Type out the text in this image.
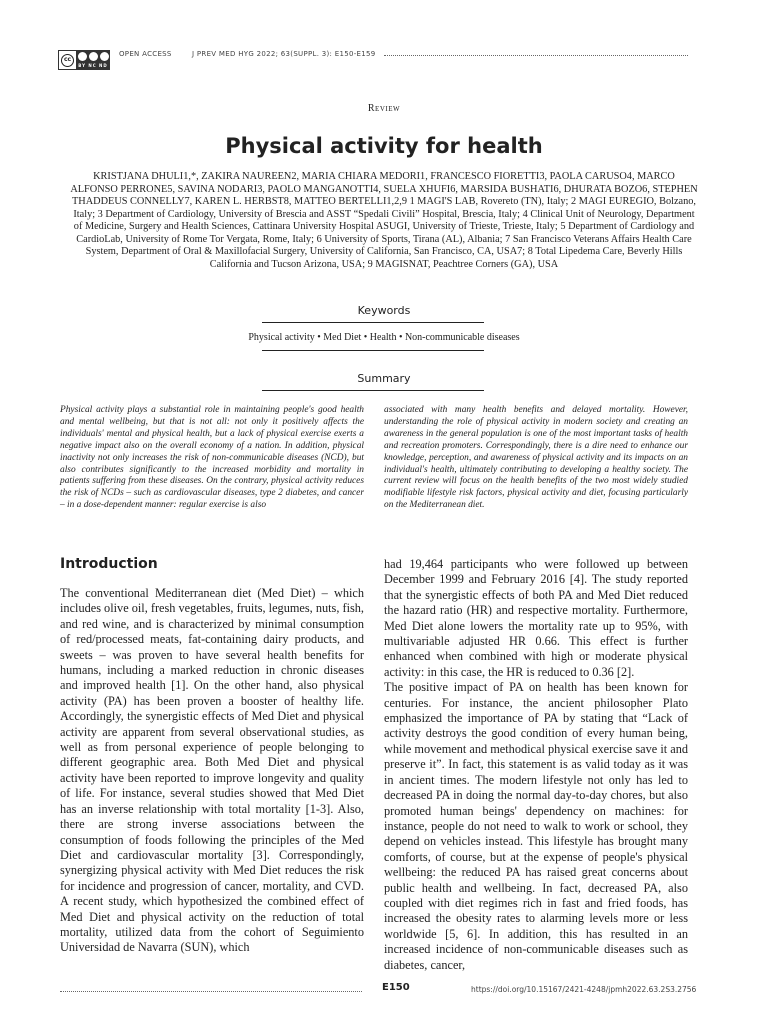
cc
BY NC ND
OPEN ACCESS	J PREV MED HYG 2022; 63(SUPPL. 3): E150-E159
Review
Physical activity for health
KRISTJANA DHULI1,*, ZAKIRA NAUREEN2, MARIA CHIARA MEDORI1, FRANCESCO FIORETTI3, PAOLA CARUSO4, MARCO ALFONSO PERRONE5, SAVINA NODARI3, PAOLO MANGANOTTI4, SUELA XHUFI6, MARSIDA BUSHATI6, DHURATA BOZO6, STEPHEN THADDEUS CONNELLY7, KAREN L. HERBST8, MATTEO BERTELLI1,2,9 1 MAGI'S LAB, Rovereto (TN), Italy; 2 MAGI EUREGIO, Bolzano, Italy; 3 Department of Cardiology, University of Brescia and ASST “Spedali Civili” Hospital, Brescia, Italy; 4 Clinical Unit of Neurology, Department of Medicine, Surgery and Health Sciences, Cattinara University Hospital ASUGI, University of Trieste, Trieste, Italy; 5 Department of Cardiology and CardioLab, University of Rome Tor Vergata, Rome, Italy; 6 University of Sports, Tirana (AL), Albania; 7 San Francisco Veterans Affairs Health Care System, Department of Oral & Maxillofacial Surgery, University of California, San Francisco, CA, USA7; 8 Total Lipedema Care, Beverly Hills California and Tucson Arizona, USA; 9 MAGISNAT, Peachtree Corners (GA), USA
Keywords
Physical activity • Med Diet • Health • Non-communicable diseases
Summary
Physical activity plays a substantial role in maintaining people's good health and mental wellbeing, but that is not all: not only it positively affects the individuals' mental and physical health, but a lack of physical exercise exerts a negative impact also on the overall economy of a nation. In addition, physical inactivity not only increases the risk of non-communicable diseases (NCD), but also contributes significantly to the increased morbidity and mortality in patients suffering from these diseases. On the contrary, physical activity reduces the risk of NCDs – such as cardiovascular diseases, type 2 diabetes, and cancer – in a dose-dependent manner: regular exercise is also
associated with many health benefits and delayed mortality. However, understanding the role of physical activity in modern society and creating an awareness in the general population is one of the most important tasks of health and recreation promoters. Correspondingly, there is a dire need to enhance our knowledge, perception, and awareness of physical activity and its impacts on an individual's health, ultimately contributing to developing a healthy society. The current review will focus on the health benefits of the two most widely studied modifiable lifestyle risk factors, physical activity and diet, focusing particularly on the Mediterranean diet.
Introduction

The conventional Mediterranean diet (Med Diet) – which includes olive oil, fresh vegetables, fruits, legumes, nuts, fish, and red wine, and is characterized by minimal consumption of red/processed meats, fat-containing dairy products, and sweets – was proven to have several health benefits for humans, including a marked reduction in chronic diseases and improved health [1]. On the other hand, also physical activity (PA) has been proven a booster of healthy life. Accordingly, the synergistic effects of Med Diet and physical activity are apparent from several observational studies, as well as from personal experience of people belonging to different geographic area. Both Med Diet and physical activity have been reported to improve longevity and quality of life. For instance, several studies showed that Med Diet has an inverse relationship with total mortality [1-3]. Also, there are strong inverse associations between the consumption of foods following the principles of the Med Diet and cardiovascular mortality [3]. Correspondingly, synergizing physical activity with Med Diet reduces the risk for incidence and progression of cancer, mortality, and CVD. A recent study, which hypothesized the combined effect of Med Diet and physical activity on the reduction of total mortality, utilized data from the cohort of Seguimiento Universidad de Navarra (SUN), which

had 19,464 participants who were followed up between December 1999 and February 2016 [4]. The study reported that the synergistic effects of both PA and Med Diet reduced the hazard ratio (HR) and respective mortality. Furthermore, Med Diet alone lowers the mortality rate up to 95%, with multivariable adjusted HR 0.66. This effect is further enhanced when combined with high or moderate physical activity: in this case, the HR is reduced to 0.36 [2].

The positive impact of PA on health has been known for centuries. For instance, the ancient philosopher Plato emphasized the importance of PA by stating that “Lack of activity destroys the good condition of every human being, while movement and methodical physical exercise save it and preserve it”. In fact, this statement is as valid today as it was in ancient times. The modern lifestyle not only has led to decreased PA in doing the normal day-to-day chores, but also promoted human beings' dependency on machines: for instance, people do not need to walk to work or school, they depend on vehicles instead. This lifestyle has brought many comforts, of course, but at the expense of people's physical wellbeing: the reduced PA has raised great concerns about public health and wellbeing. In fact, decreased PA, also coupled with diet regimes rich in fast and fried foods, has increased the obesity rates to alarming levels more or less worldwide [5, 6]. In addition, this has resulted in an increased incidence of non-communicable diseases such as diabetes, cancer,

E150	https://doi.org/10.15167/2421-4248/jpmh2022.63.2S3.2756
